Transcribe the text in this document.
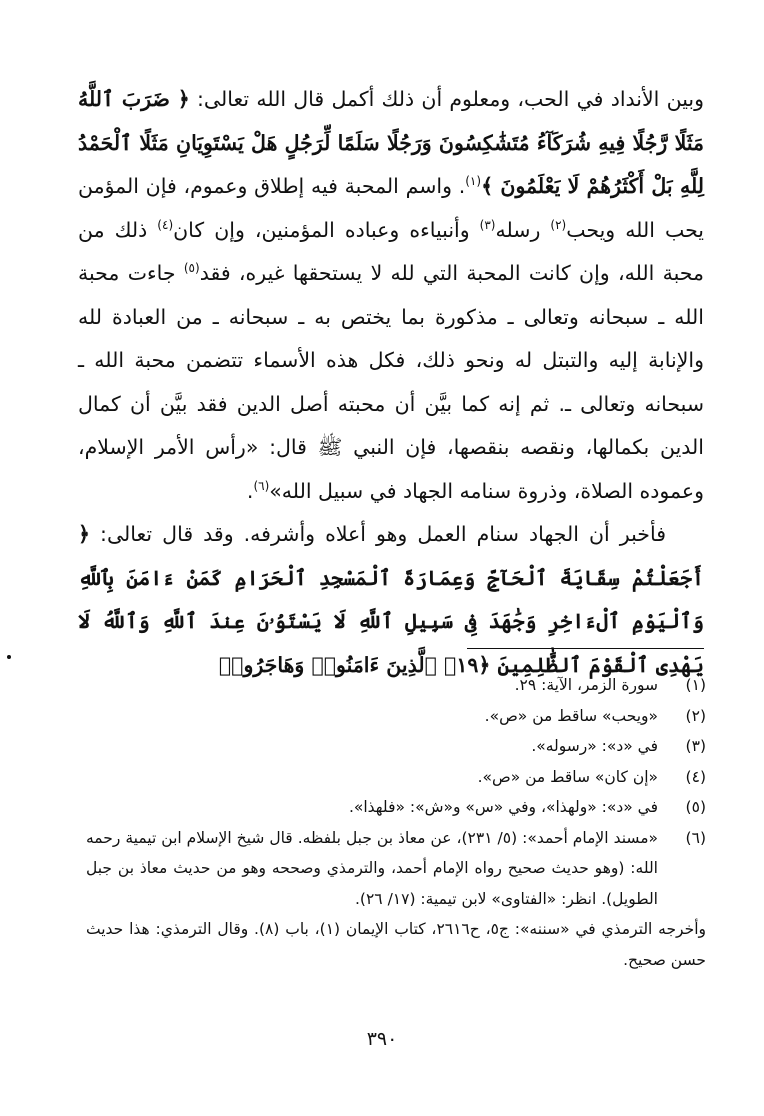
وبين الأنداد في الحب، ومعلوم أن ذلك أكمل قال الله تعالى: ﴿ ضَرَبَ ٱللَّهُ مَثَلًا رَّجُلًا فِيهِ شُرَكَآءُ مُتَشَٰكِسُونَ وَرَجُلًا سَلَمًا لِّرَجُلٍ هَلْ يَسْتَوِيَانِ مَثَلًا ٱلْحَمْدُ لِلَّهِ بَلْ أَكْثَرُهُمْ لَا يَعْلَمُونَ ﴾$^{(١)}$. واسم المحبة فيه إطلاق وعموم، فإن المؤمن يحب الله ويحب$^{(٢)}$ رسله$^{(٣)}$ وأنبياءه وعباده المؤمنين، وإن كان$^{(٤)}$ ذلك من محبة الله، وإن كانت المحبة التي لله لا يستحقها غيره، فقد$^{(٥)}$ جاءت محبة الله ـ سبحانه وتعالى ـ مذكورة بما يختص به ـ سبحانه ـ من العبادة لله والإنابة إليه والتبتل له ونحو ذلك، فكل هذه الأسماء تتضمن محبة الله ـ سبحانه وتعالى ـ. ثم إنه كما بيَّن أن محبته أصل الدين فقد بيَّن أن كمال الدين بكمالها، ونقصه بنقصها، فإن النبي ﷺ قال: «رأس الأمر الإسلام، وعموده الصلاة، وذروة سنامه الجهاد في سبيل الله»$^{(٦)}$.

فأخبر أن الجهاد سنام العمل وهو أعلاه وأشرفه. وقد قال تعالى: ﴿ أَجَعَلْتُمْ سِقَايَةَ ٱلْحَآجِّ وَعِمَارَةَ ٱلْمَسْجِدِ ٱلْحَرَامِ كَمَنْ ءَامَنَ بِٱللَّهِ وَٱلْيَوْمِ ٱلْءَاخِرِ وَجَٰهَدَ فِى سَبِيلِ ٱللَّهِ لَا يَسْتَوُۥنَ عِندَ ٱللَّهِ وَٱللَّهُ لَا يَهْدِى ٱلْقَوْمَ ٱلظَّٰلِمِينَ ﴿١٩﴾ ٱلَّذِينَ ءَامَنُوا۟ وَهَاجَرُوا۟

(١)
سورة الزمر، الآية: ٢٩.
(٢)
«ويحب» ساقط من «ص».
(٣)
في «د»: «رسوله».
(٤)
«إن كان» ساقط من «ص».
(٥)
في «د»: «ولهذا»، وفي «س» و«ش»: «فلهذا».
(٦)
«مسند الإمام أحمد»: (٥/ ٢٣١)، عن معاذ بن جبل بلفظه. قال شيخ الإسلام ابن تيمية رحمه الله: (وهو حديث صحيح رواه الإمام أحمد، والترمذي وصححه وهو من حديث معاذ بن جبل الطويل). انظر: «الفتاوى» لابن تيمية: (١٧/ ٢٦).
وأخرجه الترمذي في «سننه»: ج٥، ح٢٦١٦، كتاب الإيمان (١)، باب (٨). وقال الترمذي: هذا حديث حسن صحيح.
٣٩٠
